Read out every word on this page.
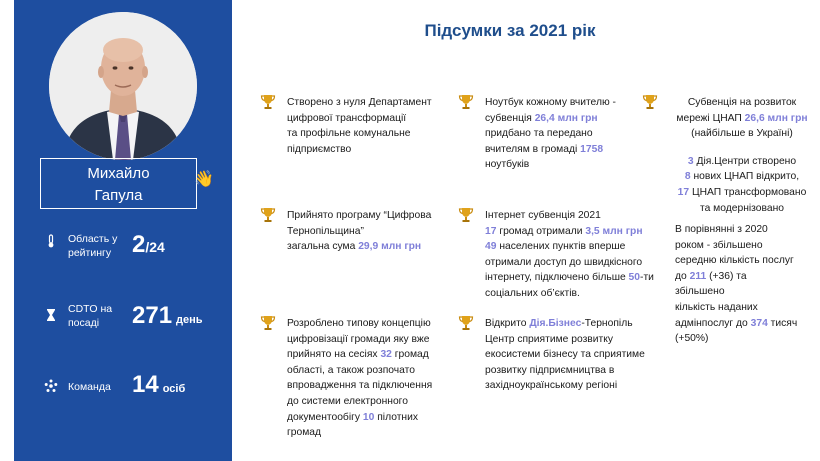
Михайло
Гапула
👋
Область у рейтингу 2/24
CDTO на посаді	271 день
Команда 14 осіб
Підсумки за 2021 рік

Створено з нуля Департамент

цифрової трансформації

та профільне комунальне

підприємство

Ноутбук кожному вчителю -

субвенція 26,4 млн грн

придбано та передано

вчителям в громаді 1758

ноутбуків

Субвенція на розвиток

мережі ЦНАП 26,6 млн грн

(найбільше в Україні)

3 Дія.Центри створено

8 нових ЦНАП відкрито,

17 ЦНАП трансформовано

та модернізовано

Прийнято програму “Цифрова

Тернопільщина”

загальна сума 29,9 млн грн

Інтернет субвенція 2021

17 громад отримали 3,5 млн грн

49 населених пунктів вперше

отримали доступ до швидкісного

інтернету, підключено більше 50-ти

соціальних об’єктів.

В порівнянні з 2020

роком - збільшено

середню кількість послуг

до 211 (+36) та

збільшено

кількість наданих

адмінпослуг до 374 тисяч

(+50%)

Розроблено типову концепцію

цифровізації громади яку вже

прийнято на сесіях 32 громад

області, а також розпочато

впровадження та підключення

до системи електронного

документообігу 10 пілотних

громад

Відкрито Дія.Бізнес-Тернопіль

Центр сприятиме розвитку

екосистеми бізнесу та сприятиме

розвитку підприємництва в

західноукраїнському регіоні
